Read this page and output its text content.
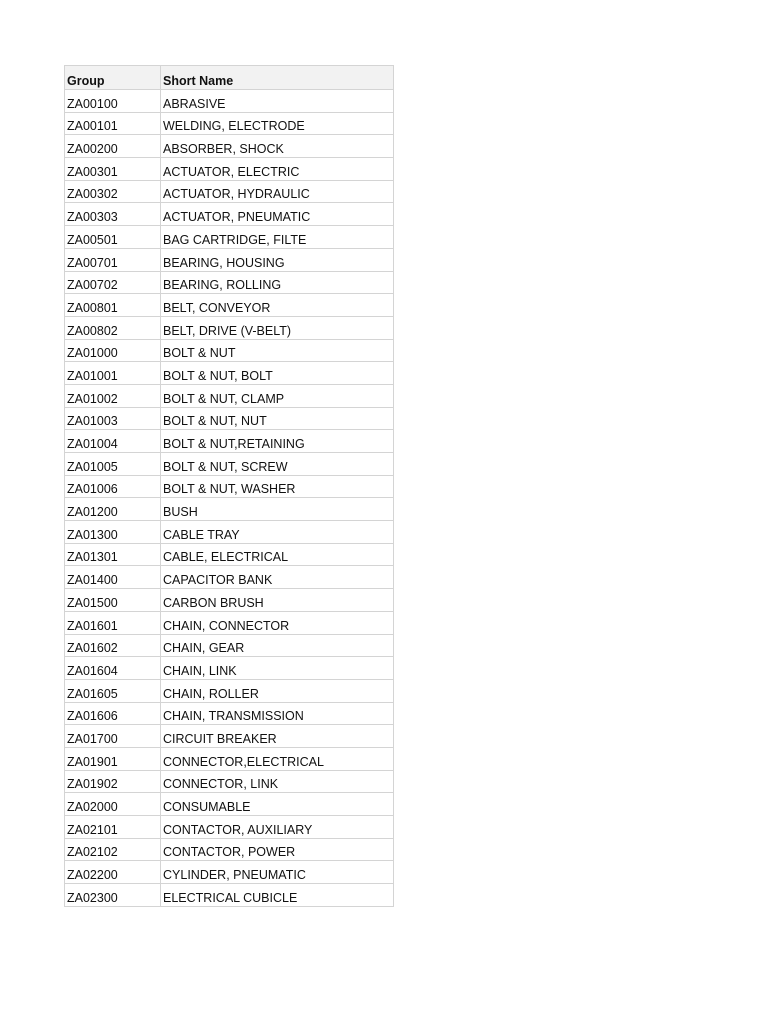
Group	Short Name
ZA00100	ABRASIVE
ZA00101	WELDING, ELECTRODE
ZA00200	ABSORBER, SHOCK
ZA00301	ACTUATOR, ELECTRIC
ZA00302	ACTUATOR, HYDRAULIC
ZA00303	ACTUATOR, PNEUMATIC
ZA00501	BAG CARTRIDGE, FILTE
ZA00701	BEARING, HOUSING
ZA00702	BEARING, ROLLING
ZA00801	BELT, CONVEYOR
ZA00802	BELT, DRIVE (V-BELT)
ZA01000	BOLT & NUT
ZA01001	BOLT & NUT, BOLT
ZA01002	BOLT & NUT, CLAMP
ZA01003	BOLT & NUT, NUT
ZA01004	BOLT & NUT,RETAINING
ZA01005	BOLT & NUT, SCREW
ZA01006	BOLT & NUT, WASHER
ZA01200	BUSH
ZA01300	CABLE TRAY
ZA01301	CABLE, ELECTRICAL
ZA01400	CAPACITOR BANK
ZA01500	CARBON BRUSH
ZA01601	CHAIN, CONNECTOR
ZA01602	CHAIN, GEAR
ZA01604	CHAIN, LINK
ZA01605	CHAIN, ROLLER
ZA01606	CHAIN, TRANSMISSION
ZA01700	CIRCUIT BREAKER
ZA01901	CONNECTOR,ELECTRICAL
ZA01902	CONNECTOR, LINK
ZA02000	CONSUMABLE
ZA02101	CONTACTOR, AUXILIARY
ZA02102	CONTACTOR, POWER
ZA02200	CYLINDER, PNEUMATIC
ZA02300	ELECTRICAL CUBICLE
